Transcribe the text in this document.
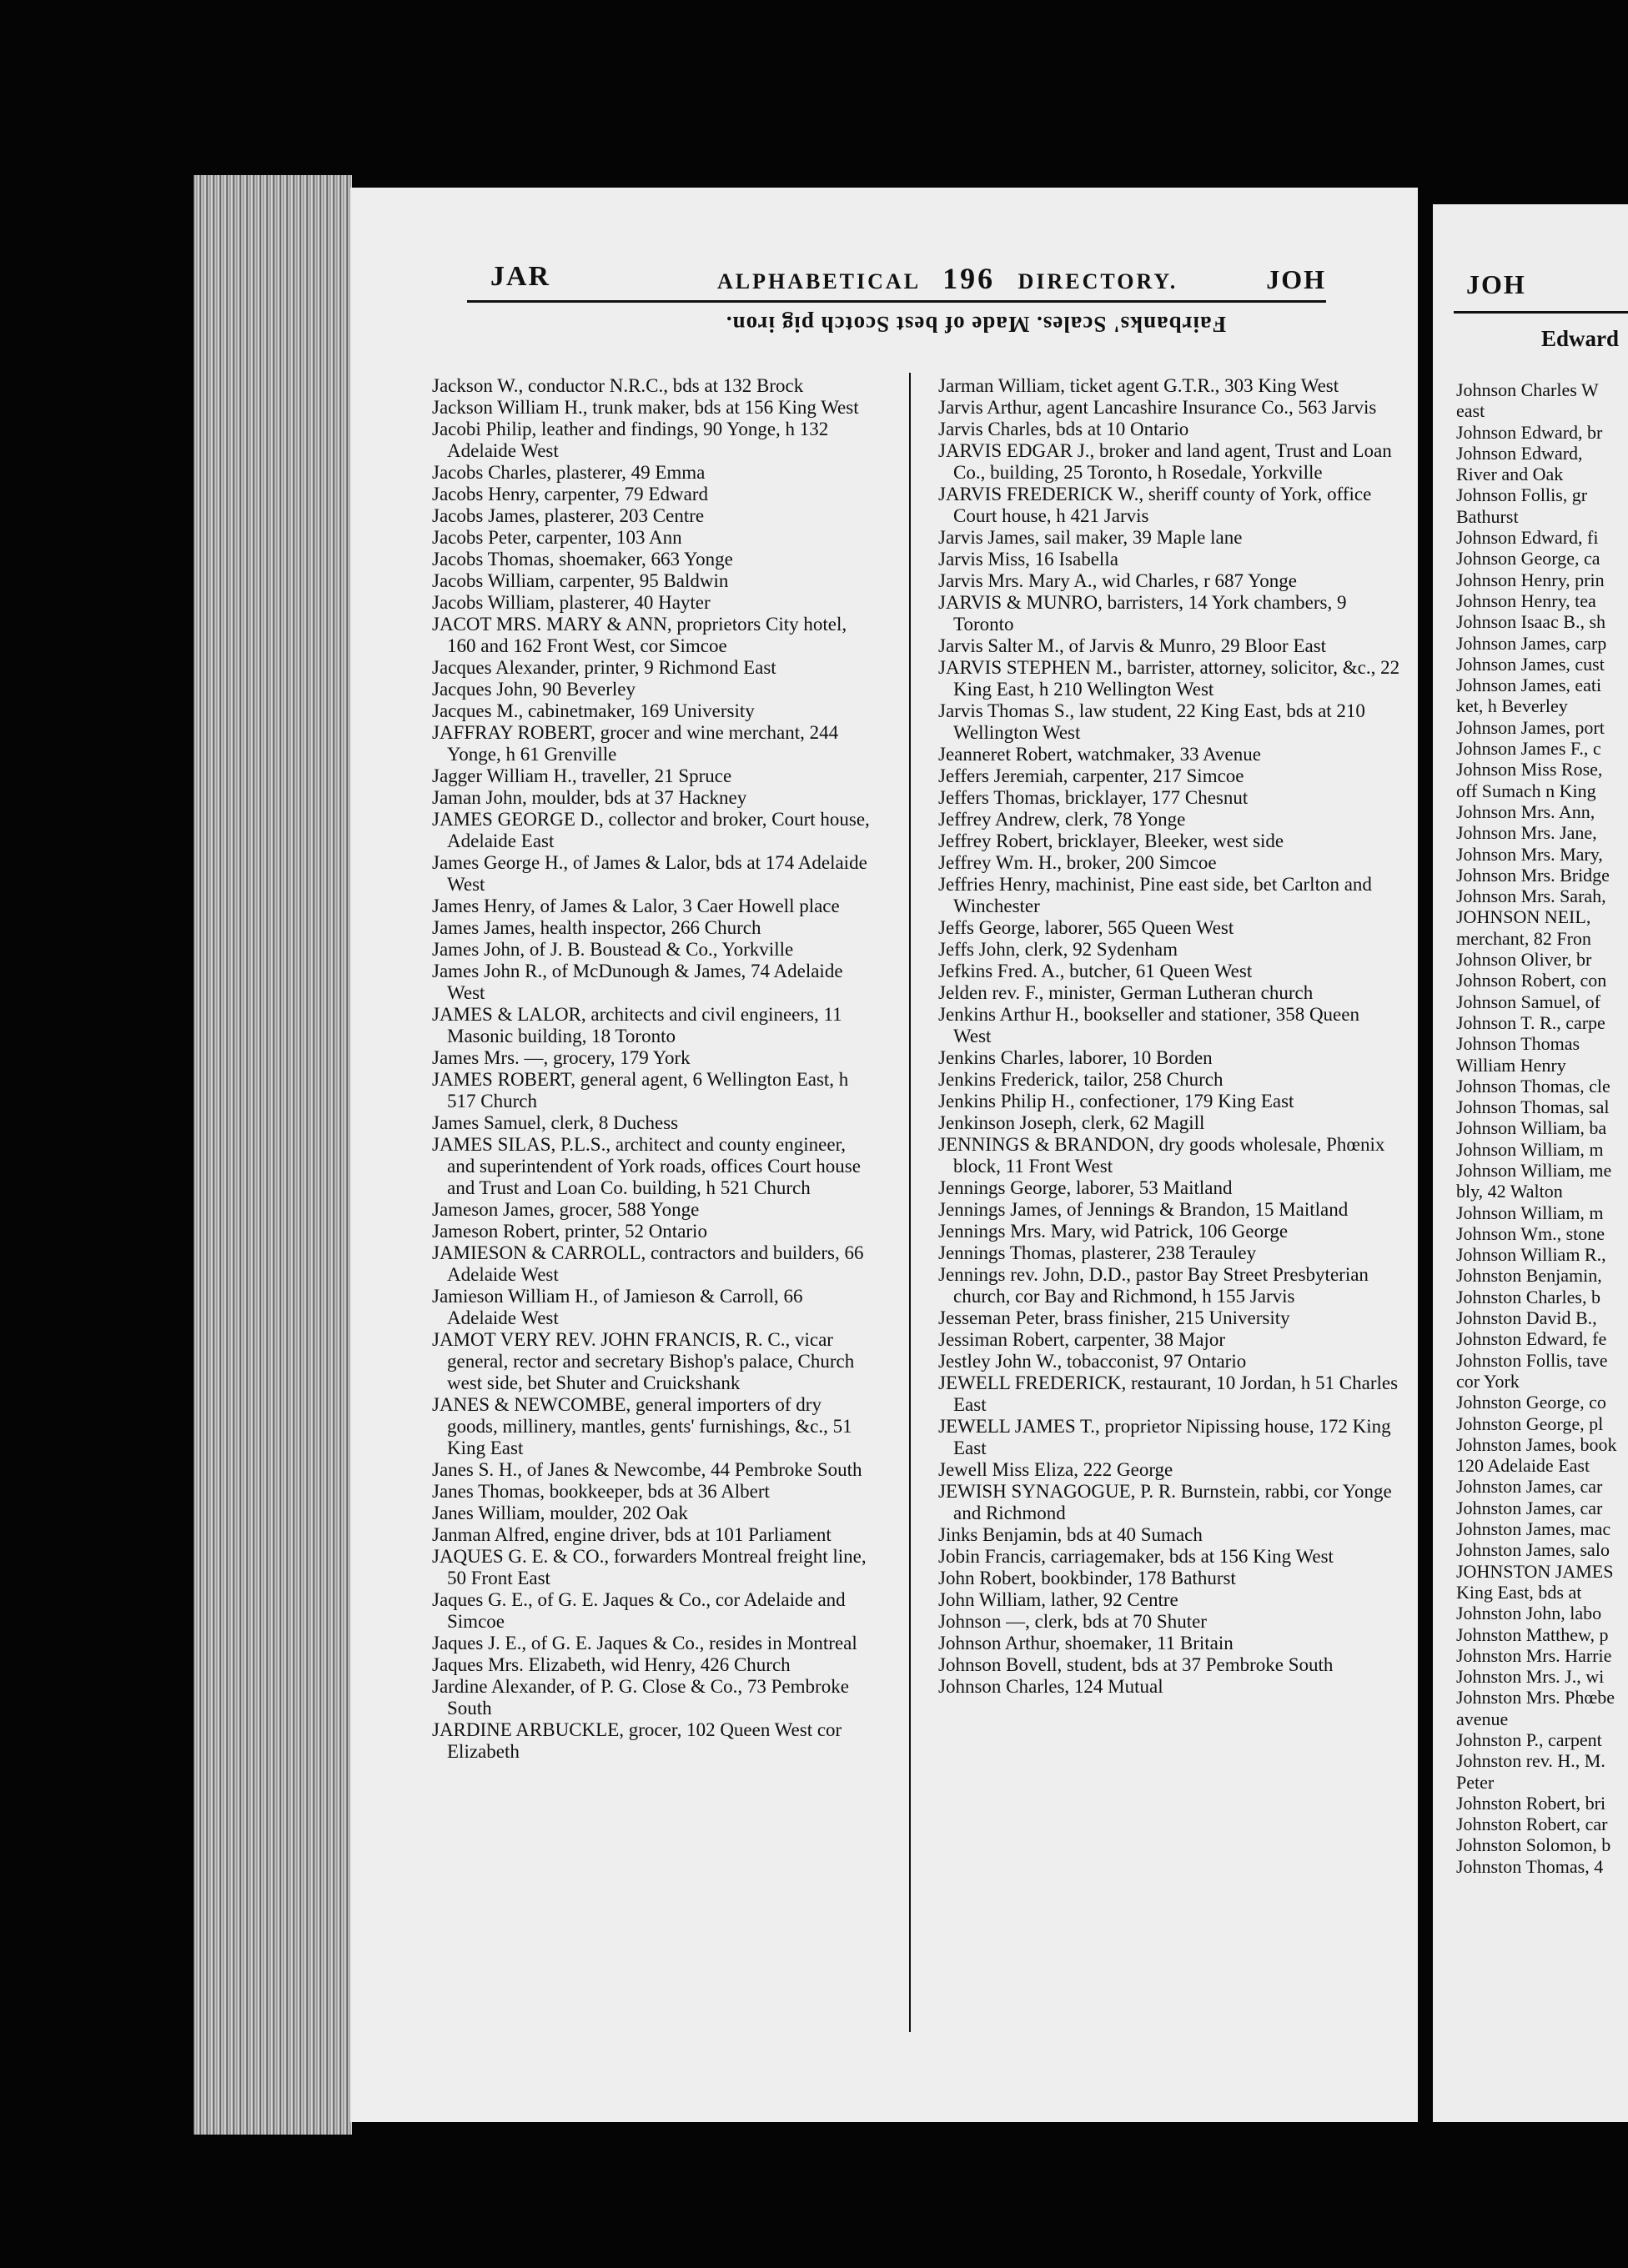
JAR	ALPHABETICAL 196 DIRECTORY.	JOH
Fairbanks' Scales. Made of best Scotch pig iron.
Jackson W., conductor N.R.C., bds at 132 Brock
Jackson William H., trunk maker, bds at 156 King West
Jacobi Philip, leather and findings, 90 Yonge, h 132 Adelaide West
Jacobs Charles, plasterer, 49 Emma
Jacobs Henry, carpenter, 79 Edward
Jacobs James, plasterer, 203 Centre
Jacobs Peter, carpenter, 103 Ann
Jacobs Thomas, shoemaker, 663 Yonge
Jacobs William, carpenter, 95 Baldwin
Jacobs William, plasterer, 40 Hayter
JACOT MRS. MARY & ANN, proprietors City hotel, 160 and 162 Front West, cor Simcoe
Jacques Alexander, printer, 9 Richmond East
Jacques John, 90 Beverley
Jacques M., cabinetmaker, 169 University
JAFFRAY ROBERT, grocer and wine merchant, 244 Yonge, h 61 Grenville
Jagger William H., traveller, 21 Spruce
Jaman John, moulder, bds at 37 Hackney
JAMES GEORGE D., collector and broker, Court house, Adelaide East
James George H., of James & Lalor, bds at 174 Adelaide West
James Henry, of James & Lalor, 3 Caer Howell place
James James, health inspector, 266 Church
James John, of J. B. Boustead & Co., Yorkville
James John R., of McDunough & James, 74 Adelaide West
JAMES & LALOR, architects and civil engineers, 11 Masonic building, 18 Toronto
James Mrs. —, grocery, 179 York
JAMES ROBERT, general agent, 6 Wellington East, h 517 Church
James Samuel, clerk, 8 Duchess
JAMES SILAS, P.L.S., architect and county engineer, and superintendent of York roads, offices Court house and Trust and Loan Co. building, h 521 Church
Jameson James, grocer, 588 Yonge
Jameson Robert, printer, 52 Ontario
JAMIESON & CARROLL, contractors and builders, 66 Adelaide West
Jamieson William H., of Jamieson & Carroll, 66 Adelaide West
JAMOT VERY REV. JOHN FRANCIS, R. C., vicar general, rector and secretary Bishop's palace, Church west side, bet Shuter and Cruickshank
JANES & NEWCOMBE, general importers of dry goods, millinery, mantles, gents' furnishings, &c., 51 King East
Janes S. H., of Janes & Newcombe, 44 Pembroke South
Janes Thomas, bookkeeper, bds at 36 Albert
Janes William, moulder, 202 Oak
Janman Alfred, engine driver, bds at 101 Parliament
JAQUES G. E. & CO., forwarders Montreal freight line, 50 Front East
Jaques G. E., of G. E. Jaques & Co., cor Adelaide and Simcoe
Jaques J. E., of G. E. Jaques & Co., resides in Montreal
Jaques Mrs. Elizabeth, wid Henry, 426 Church
Jardine Alexander, of P. G. Close & Co., 73 Pembroke South
JARDINE ARBUCKLE, grocer, 102 Queen West cor Elizabeth
Jarman William, ticket agent G.T.R., 303 King West
Jarvis Arthur, agent Lancashire Insurance Co., 563 Jarvis
Jarvis Charles, bds at 10 Ontario
JARVIS EDGAR J., broker and land agent, Trust and Loan Co., building, 25 Toronto, h Rosedale, Yorkville
JARVIS FREDERICK W., sheriff county of York, office Court house, h 421 Jarvis
Jarvis James, sail maker, 39 Maple lane
Jarvis Miss, 16 Isabella
Jarvis Mrs. Mary A., wid Charles, r 687 Yonge
JARVIS & MUNRO, barristers, 14 York chambers, 9 Toronto
Jarvis Salter M., of Jarvis & Munro, 29 Bloor East
JARVIS STEPHEN M., barrister, attorney, solicitor, &c., 22 King East, h 210 Wellington West
Jarvis Thomas S., law student, 22 King East, bds at 210 Wellington West
Jeanneret Robert, watchmaker, 33 Avenue
Jeffers Jeremiah, carpenter, 217 Simcoe
Jeffers Thomas, bricklayer, 177 Chesnut
Jeffrey Andrew, clerk, 78 Yonge
Jeffrey Robert, bricklayer, Bleeker, west side
Jeffrey Wm. H., broker, 200 Simcoe
Jeffries Henry, machinist, Pine east side, bet Carlton and Winchester
Jeffs George, laborer, 565 Queen West
Jeffs John, clerk, 92 Sydenham
Jefkins Fred. A., butcher, 61 Queen West
Jelden rev. F., minister, German Lutheran church
Jenkins Arthur H., bookseller and stationer, 358 Queen West
Jenkins Charles, laborer, 10 Borden
Jenkins Frederick, tailor, 258 Church
Jenkins Philip H., confectioner, 179 King East
Jenkinson Joseph, clerk, 62 Magill
JENNINGS & BRANDON, dry goods wholesale, Phœnix block, 11 Front West
Jennings George, laborer, 53 Maitland
Jennings James, of Jennings & Brandon, 15 Maitland
Jennings Mrs. Mary, wid Patrick, 106 George
Jennings Thomas, plasterer, 238 Terauley
Jennings rev. John, D.D., pastor Bay Street Presbyterian church, cor Bay and Richmond, h 155 Jarvis
Jesseman Peter, brass finisher, 215 University
Jessiman Robert, carpenter, 38 Major
Jestley John W., tobacconist, 97 Ontario
JEWELL FREDERICK, restaurant, 10 Jordan, h 51 Charles East
JEWELL JAMES T., proprietor Nipissing house, 172 King East
Jewell Miss Eliza, 222 George
JEWISH SYNAGOGUE, P. R. Burnstein, rabbi, cor Yonge and Richmond
Jinks Benjamin, bds at 40 Sumach
Jobin Francis, carriagemaker, bds at 156 King West
John Robert, bookbinder, 178 Bathurst
John William, lather, 92 Centre
Johnson —, clerk, bds at 70 Shuter
Johnson Arthur, shoemaker, 11 Britain
Johnson Bovell, student, bds at 37 Pembroke South
Johnson Charles, 124 Mutual
JOH
Edward
Johnson Charles W
east
Johnson Edward, br
Johnson Edward,
River and Oak
Johnson Follis, gr
Bathurst
Johnson Edward, fi
Johnson George, ca
Johnson Henry, prin
Johnson Henry, tea
Johnson Isaac B., sh
Johnson James, carp
Johnson James, cust
Johnson James, eati
ket, h Beverley
Johnson James, port
Johnson James F., c
Johnson Miss Rose,
off Sumach n King
Johnson Mrs. Ann,
Johnson Mrs. Jane,
Johnson Mrs. Mary,
Johnson Mrs. Bridge
Johnson Mrs. Sarah,
JOHNSON NEIL,
merchant, 82 Fron
Johnson Oliver, br
Johnson Robert, con
Johnson Samuel, of
Johnson T. R., carpe
Johnson Thomas
William Henry
Johnson Thomas, cle
Johnson Thomas, sal
Johnson William, ba
Johnson William, m
Johnson William, me
bly, 42 Walton
Johnson William, m
Johnson Wm., stone
Johnson William R.,
Johnston Benjamin,
Johnston Charles, b
Johnston David B.,
Johnston Edward, fe
Johnston Follis, tave
cor York
Johnston George, co
Johnston George, pl
Johnston James, book
120 Adelaide East
Johnston James, car
Johnston James, car
Johnston James, mac
Johnston James, salo
JOHNSTON JAMES
King East, bds at
Johnston John, labo
Johnston Matthew, p
Johnston Mrs. Harrie
Johnston Mrs. J., wi
Johnston Mrs. Phœbe
avenue
Johnston P., carpent
Johnston rev. H., M.
Peter
Johnston Robert, bri
Johnston Robert, car
Johnston Solomon, b
Johnston Thomas, 4
